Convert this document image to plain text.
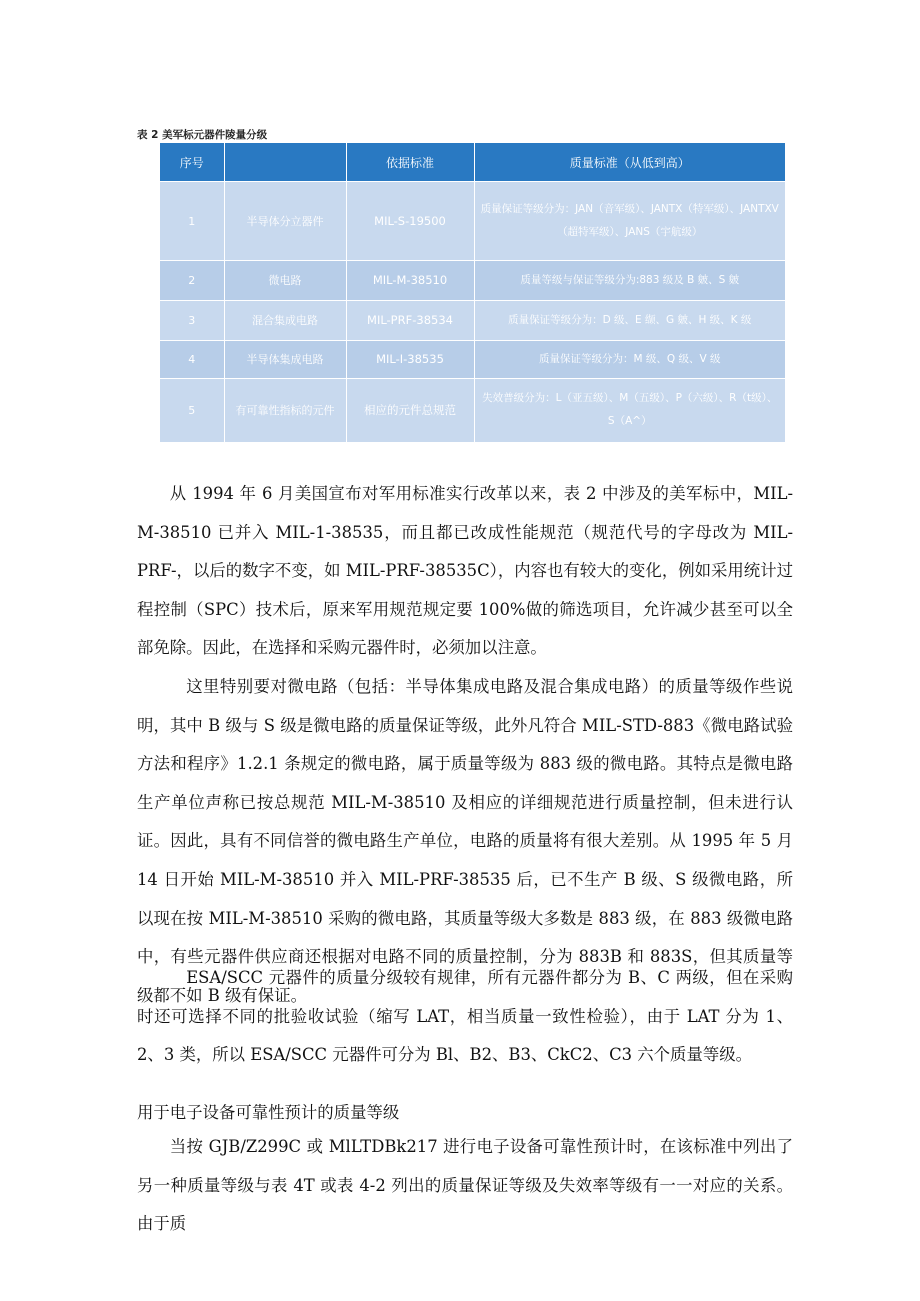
表 2 美军标元器件陵量分级
序号		依据标准	质量标准（从低到高）
1	半导体分立器件	MIL-S-19500	质量保证等级分为：JAN（音军级）、JANTX（特军级）、JANTXV（超特军级）、JANS（宇航级）
2	微电路	MIL-M-38510	质量等级与保证等级分为:883 级及 B 皴、S 皴
3	混合集成电路	MIL-PRF-38534	质量保证等级分为：D 级、E 缬、G 皴、H 级、K 级
4	半导体集成电路	MIL-I-38535	质量保证等级分为：M 级、Q 级、V 级
5	有可靠性指标的元件	相应的元件总规范	失效普级分为：L（亚五级）、M（五级）、P（六级）、R（t级）、S（A^）

从 1994 年 6 月美国宣布对军用标准实行改革以来，表 2 中涉及的美军标中，MIL-M-38510 已并入 MIL-1-38535，而且都已改成性能规范（规范代号的字母改为 MIL-PRF-，以后的数字不变，如 MIL-PRF-38535C），内容也有较大的变化，例如采用统计过程控制（SPC）技术后，原来军用规范规定要 100%做的筛选项目，允许减少甚至可以全部免除。因此，在选择和采购元器件时，必须加以注意。

这里特别要对微电路（包括：半导体集成电路及混合集成电路）的质量等级作些说明，其中 B 级与 S 级是微电路的质量保证等级，此外凡符合 MIL-STD-883《微电路试验方法和程序》1.2.1 条规定的微电路，属于质量等级为 883 级的微电路。其特点是微电路生产单位声称已按总规范 MIL-M-38510 及相应的详细规范进行质量控制，但未进行认证。因此，具有不同信誉的微电路生产单位，电路的质量将有很大差别。从 1995 年 5 月 14 日开始 MIL-M-38510 并入 MIL-PRF-38535 后，已不生产 B 级、S 级微电路，所以现在按 MIL-M-38510 采购的微电路，其质量等级大多数是 883 级，在 883 级微电路中，有些元器件供应商还根据对电路不同的质量控制，分为 883B 和 883S，但其质量等级都不如 B 级有保证。

ESA/SCC 元器件的质量分级较有规律，所有元器件都分为 B、C 两级，但在采购时还可选择不同的批验收试验（缩写 LAT，相当质量一致性检验），由于 LAT 分为 1、2、3 类，所以 ESA/SCC 元器件可分为 Bl、B2、B3、CkC2、C3 六个质量等级。

用于电子设备可靠性预计的质量等级

当按 GJB/Z299C 或 MlLTDBk217 进行电子设备可靠性预计时，在该标准中列出了另一种质量等级与表 4T 或表 4-2 列出的质量保证等级及失效率等级有一一对应的关系。由于质
